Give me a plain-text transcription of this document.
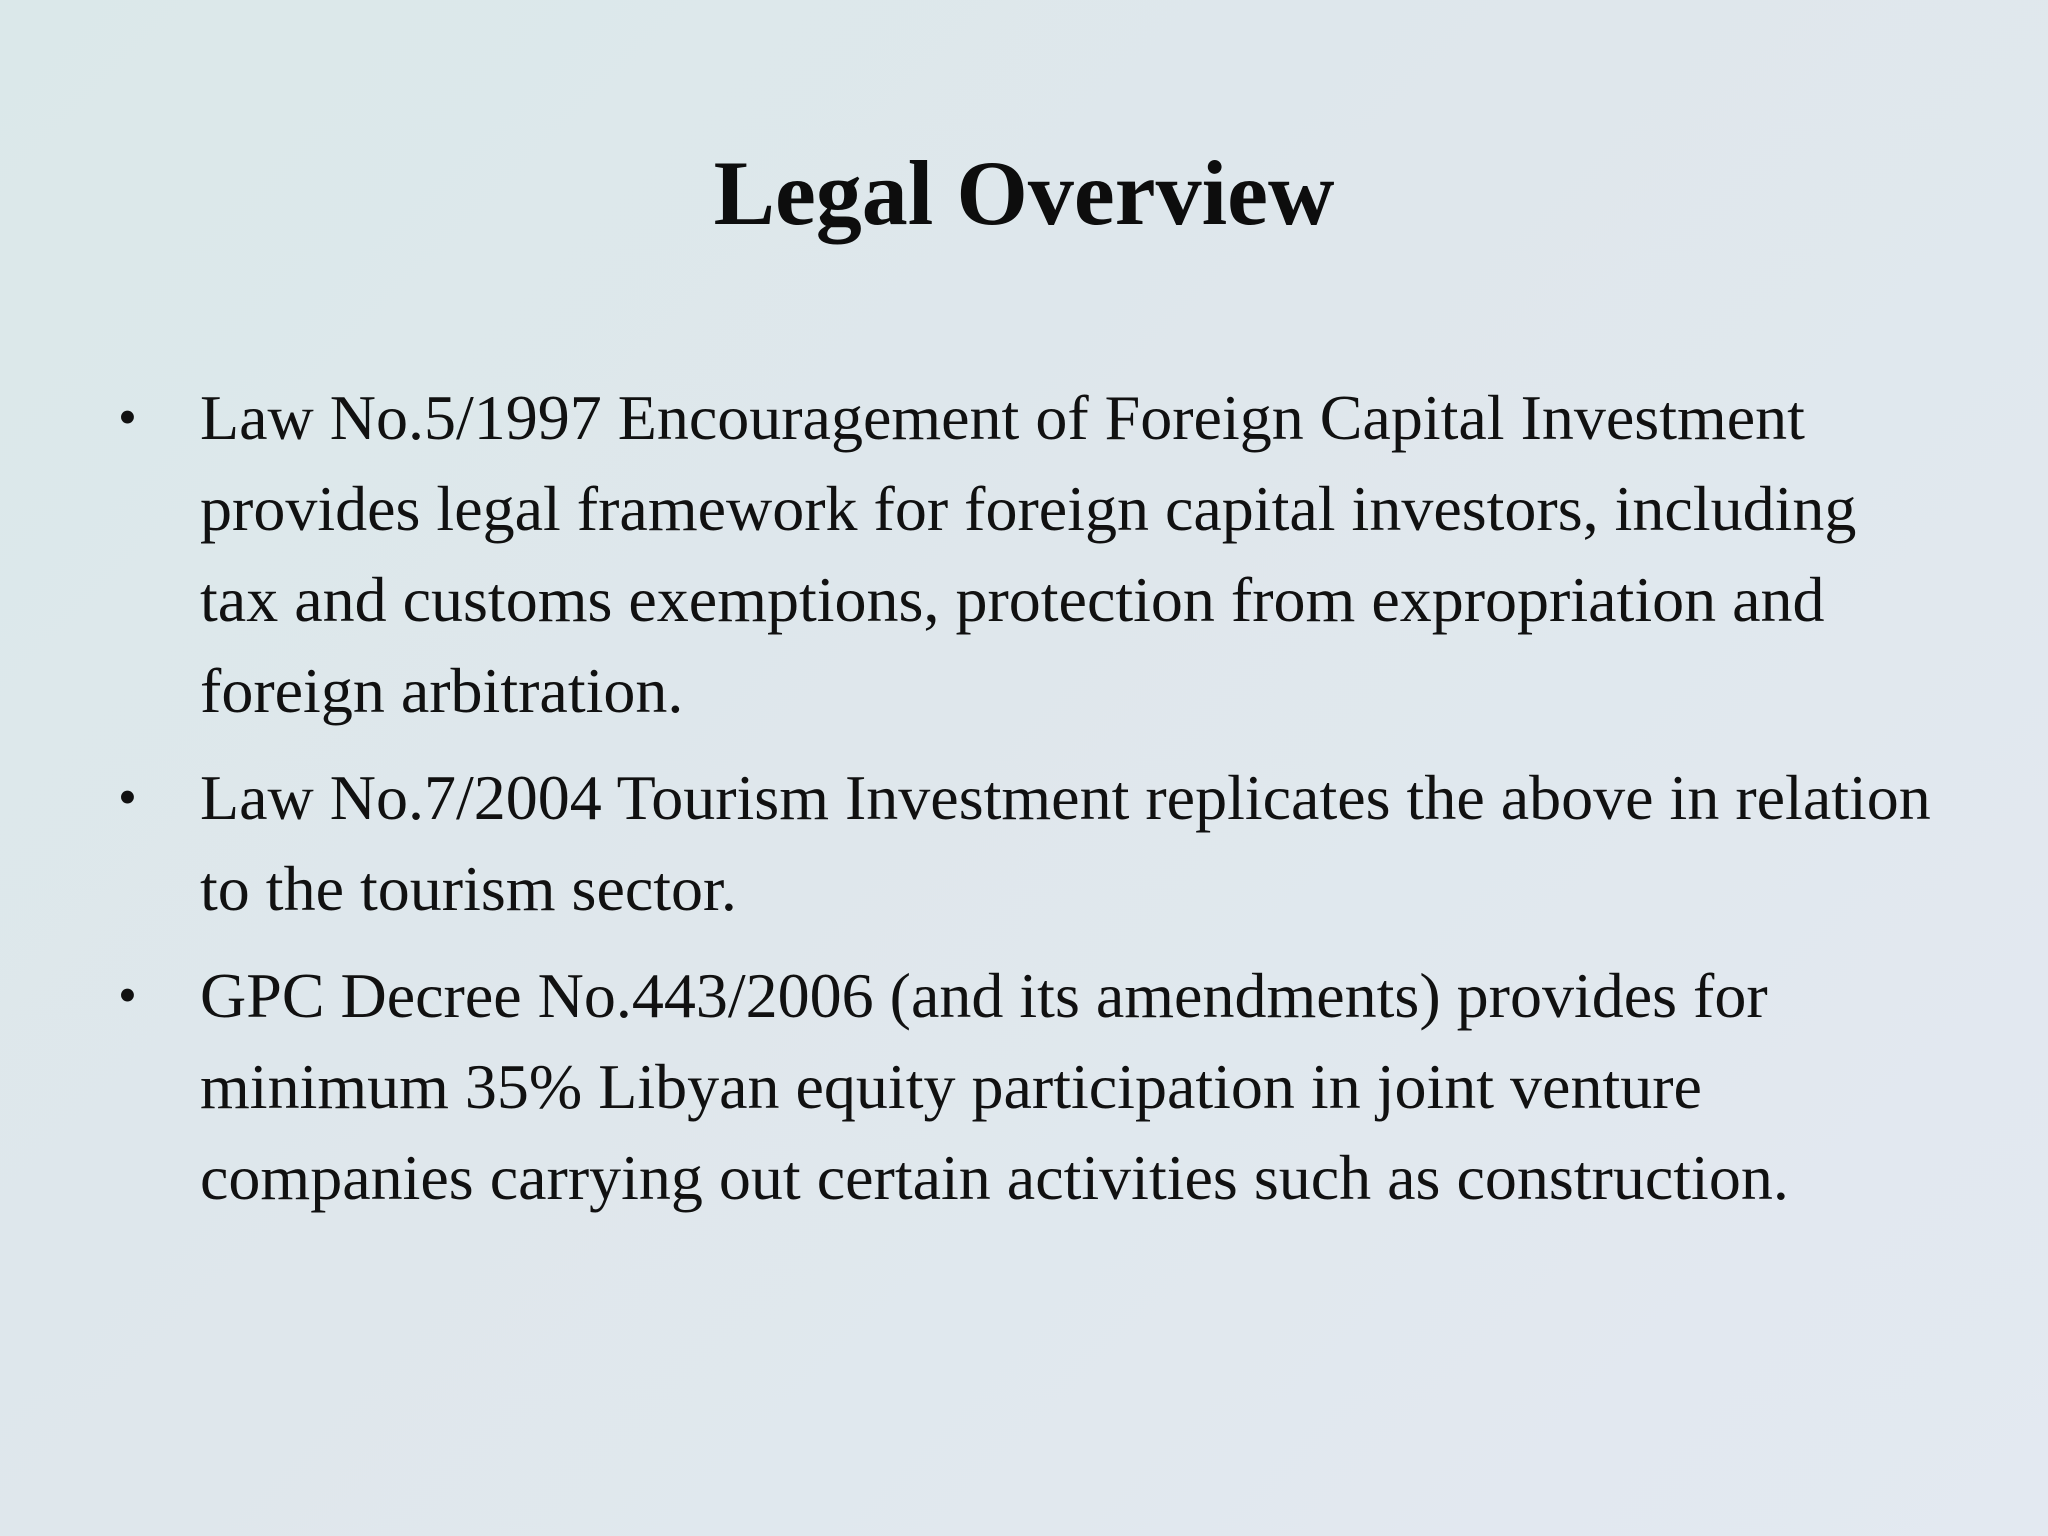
Legal Overview
• Law No.5/1997 Encouragement of Foreign Capital Investment provides legal framework for foreign capital investors, including tax and customs exemptions, protection from expropriation and foreign arbitration.
• Law No.7/2004 Tourism Investment replicates the above in relation to the tourism sector.
• GPC Decree No.443/2006 (and its amendments) provides for minimum 35% Libyan equity participation in joint venture companies carrying out certain activities such as construction.
